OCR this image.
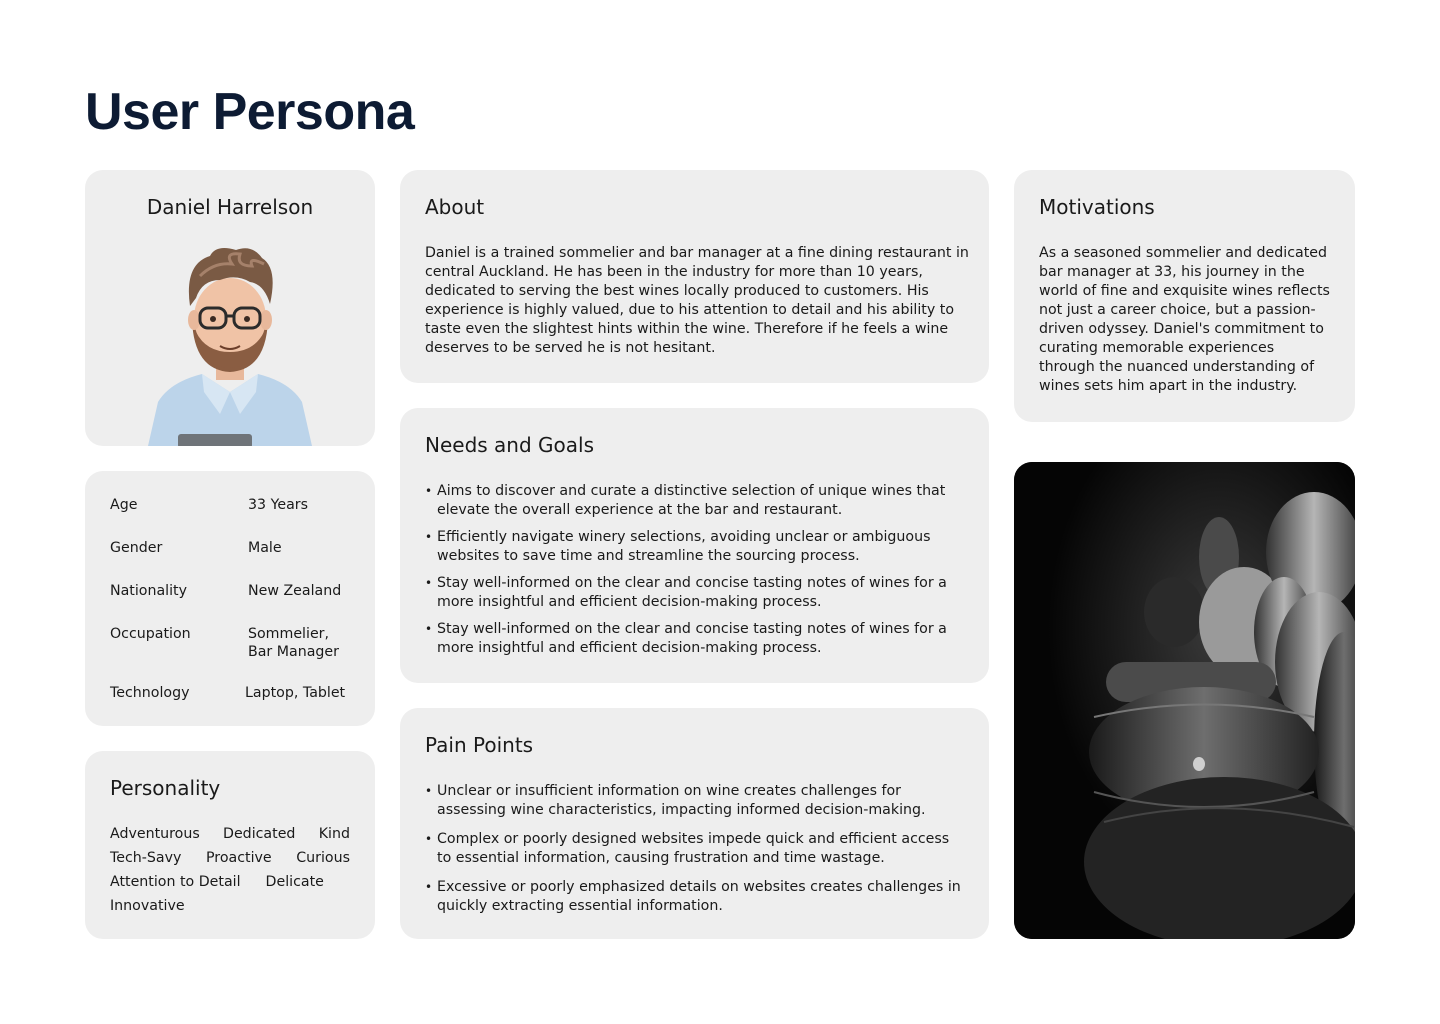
User Persona
Daniel Harrelson
Age	33 Years
Gender	Male
Nationality	New Zealand
Occupation	Sommelier,
Bar Manager
Technology	Laptop, Tablet
Personality
Adventurous Dedicated Kind
Tech-Savy Proactive Curious
Attention to Detail Delicate
Innovative
About
Daniel is a trained sommelier and bar manager at a fine dining restaurant in
central Auckland. He has been in the industry for more than 10 years,
dedicated to serving the best wines locally produced to customers. His
experience is highly valued, due to his attention to detail and his ability to
taste even the slightest hints within the wine. Therefore if he feels a wine
deserves to be served he is not hesitant.
Needs and Goals
• Aims to discover and curate a distinctive selection of unique wines that
elevate the overall experience at the bar and restaurant.
• Efficiently navigate winery selections, avoiding unclear or ambiguous
websites to save time and streamline the sourcing process.
• Stay well-informed on the clear and concise tasting notes of wines for a
more insightful and efficient decision-making process.
• Stay well-informed on the clear and concise tasting notes of wines for a
more insightful and efficient decision-making process.
Pain Points
• Unclear or insufficient information on wine creates challenges for
assessing wine characteristics, impacting informed decision-making.
• Complex or poorly designed websites impede quick and efficient access
to essential information, causing frustration and time wastage.
• Excessive or poorly emphasized details on websites creates challenges in
quickly extracting essential information.
Motivations
As a seasoned sommelier and dedicated
bar manager at 33, his journey in the
world of fine and exquisite wines reflects
not just a career choice, but a passion-
driven odyssey. Daniel's commitment to
curating memorable experiences
through the nuanced understanding of
wines sets him apart in the industry.
